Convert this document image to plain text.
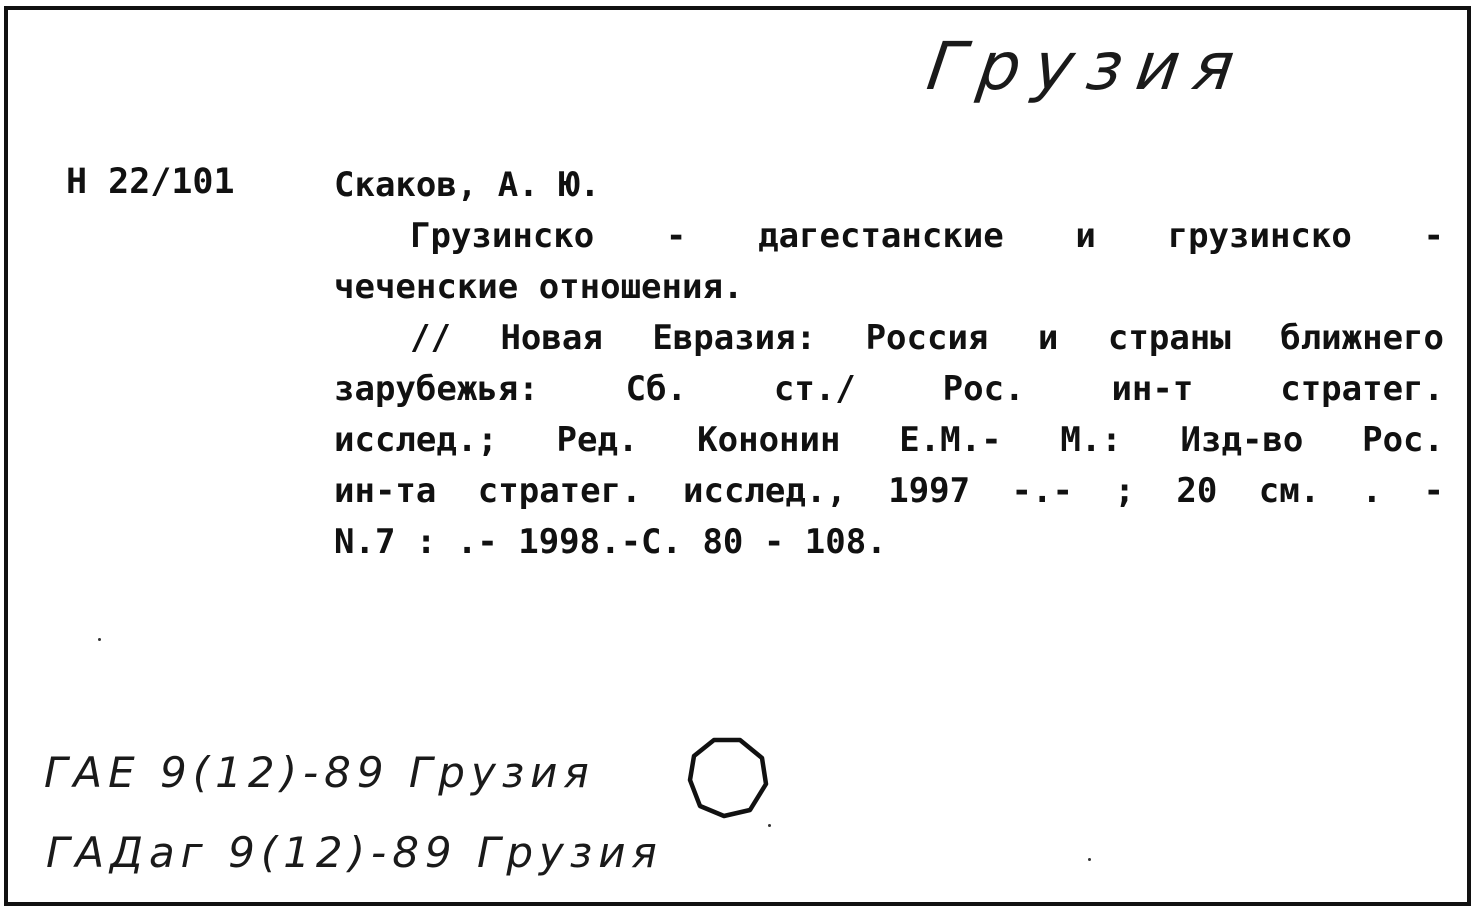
Грузия
Н 22/101	Скаков, А. Ю.
Грузинско - дагестанские и грузинско -
чеченские отношения.
// Новая Евразия: Россия и страны ближнего
зарубежья: Сб. ст./ Рос. ин-т стратег.
исслед.; Ред. Кононин Е.М.- М.: Изд-во Рос.
ин-та стратег. исслед., 1997 -.- ; 20 см. . -
N.7 : .- 1998.-С. 80 - 108.
ГАЕ 9(12)-89 Грузия
ГАДаг 9(12)-89 Грузия
